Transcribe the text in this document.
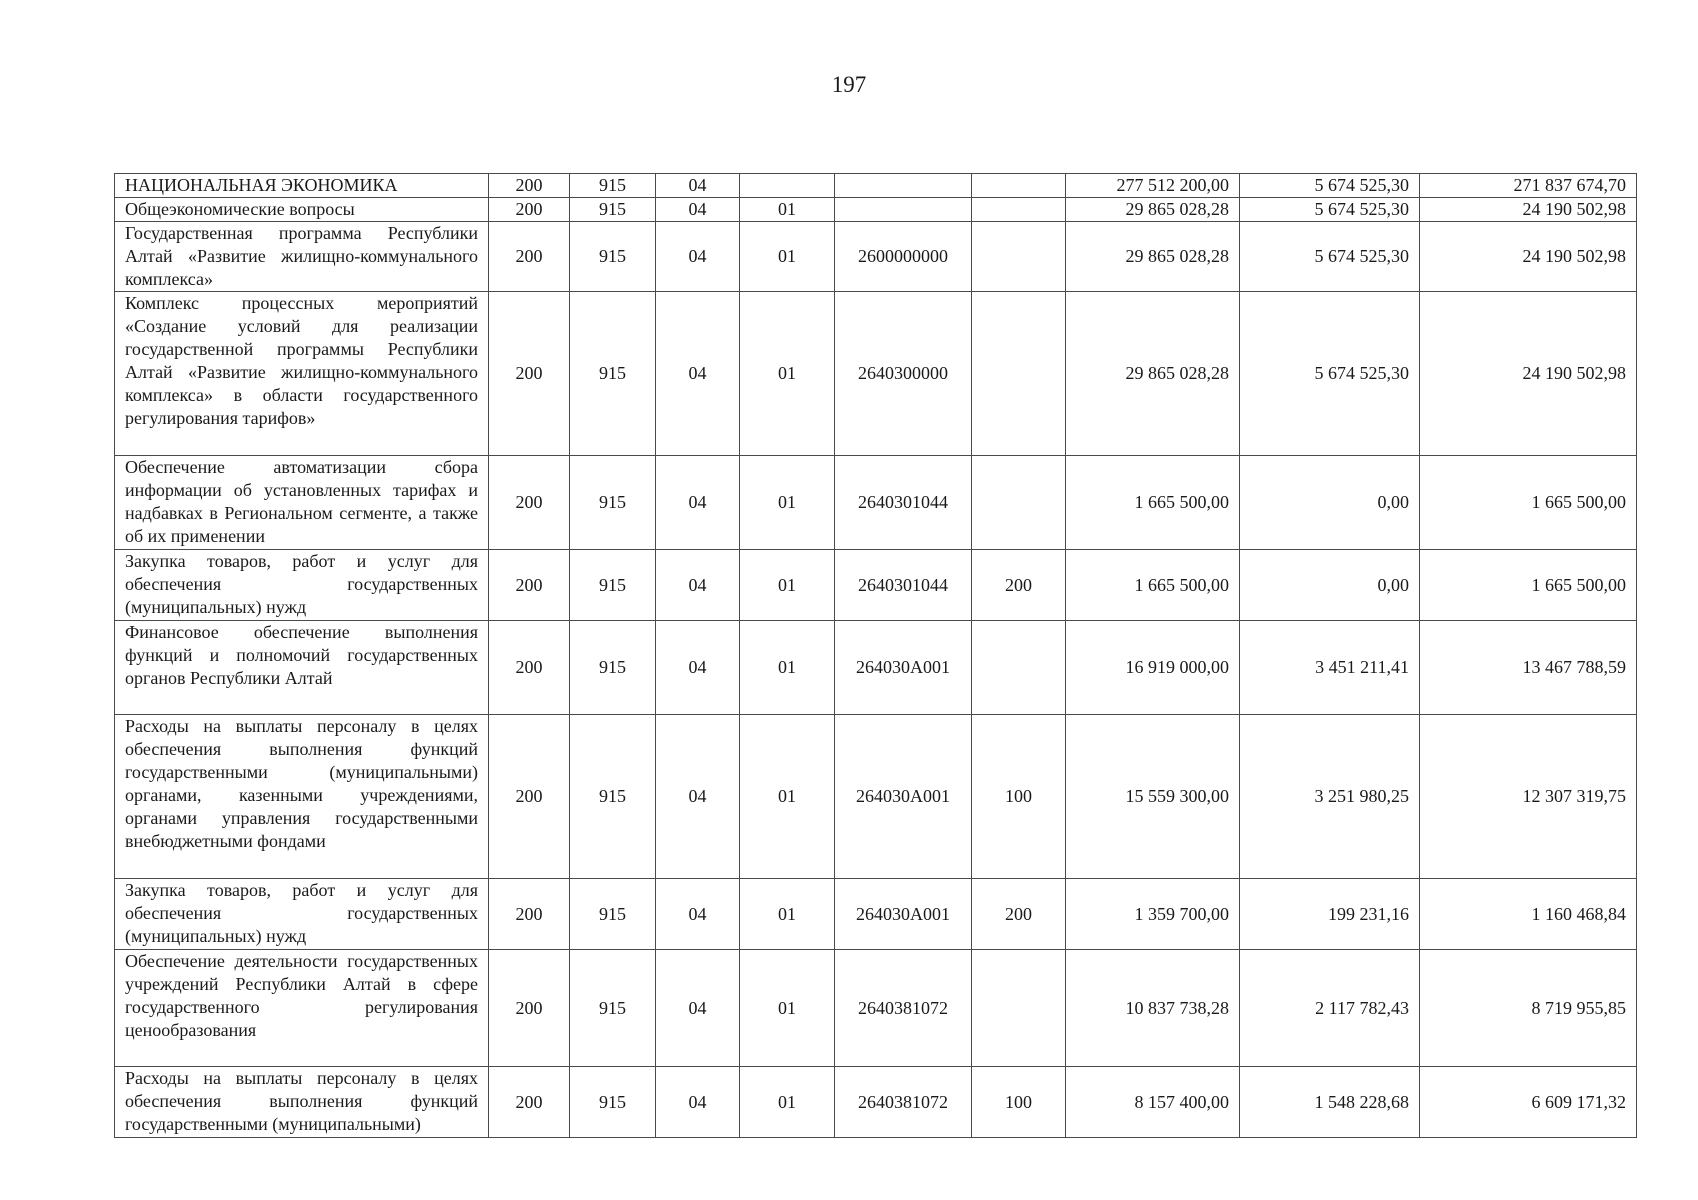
197
НАЦИОНАЛЬНАЯ ЭКОНОМИКА	200	915	04				277 512 200,00	5 674 525,30	271 837 674,70
Общеэкономические вопросы	200	915	04	01			29 865 028,28	5 674 525,30	24 190 502,98
Государственная программа Республики Алтай «Развитие жилищно-коммунального комплекса»	200	915	04	01	2600000000		29 865 028,28	5 674 525,30	24 190 502,98
Комплекс процессных мероприятий «Создание условий для реализации государственной программы Республики Алтай «Развитие жилищно-коммунального комплекса» в области государственного регулирования тарифов»	200	915	04	01	2640300000		29 865 028,28	5 674 525,30	24 190 502,98
Обеспечение автоматизации сбора информации об установленных тарифах и надбавках в Региональном сегменте, а также об их применении	200	915	04	01	2640301044		1 665 500,00	0,00	1 665 500,00
Закупка товаров, работ и услуг для обеспечения государственных (муниципальных) нужд	200	915	04	01	2640301044	200	1 665 500,00	0,00	1 665 500,00
Финансовое обеспечение выполнения функций и полномочий государственных органов Республики Алтай	200	915	04	01	264030А001		16 919 000,00	3 451 211,41	13 467 788,59
Расходы на выплаты персоналу в целях обеспечения выполнения функций государственными (муниципальными) органами, казенными учреждениями, органами управления государственными внебюджетными фондами	200	915	04	01	264030А001	100	15 559 300,00	3 251 980,25	12 307 319,75
Закупка товаров, работ и услуг для обеспечения государственных (муниципальных) нужд	200	915	04	01	264030А001	200	1 359 700,00	199 231,16	1 160 468,84
Обеспечение деятельности государственных учреждений Республики Алтай в сфере государственного регулирования ценообразования	200	915	04	01	2640381072		10 837 738,28	2 117 782,43	8 719 955,85
Расходы на выплаты персоналу в целях обеспечения выполнения функций государственными (муниципальными)	200	915	04	01	2640381072	100	8 157 400,00	1 548 228,68	6 609 171,32
